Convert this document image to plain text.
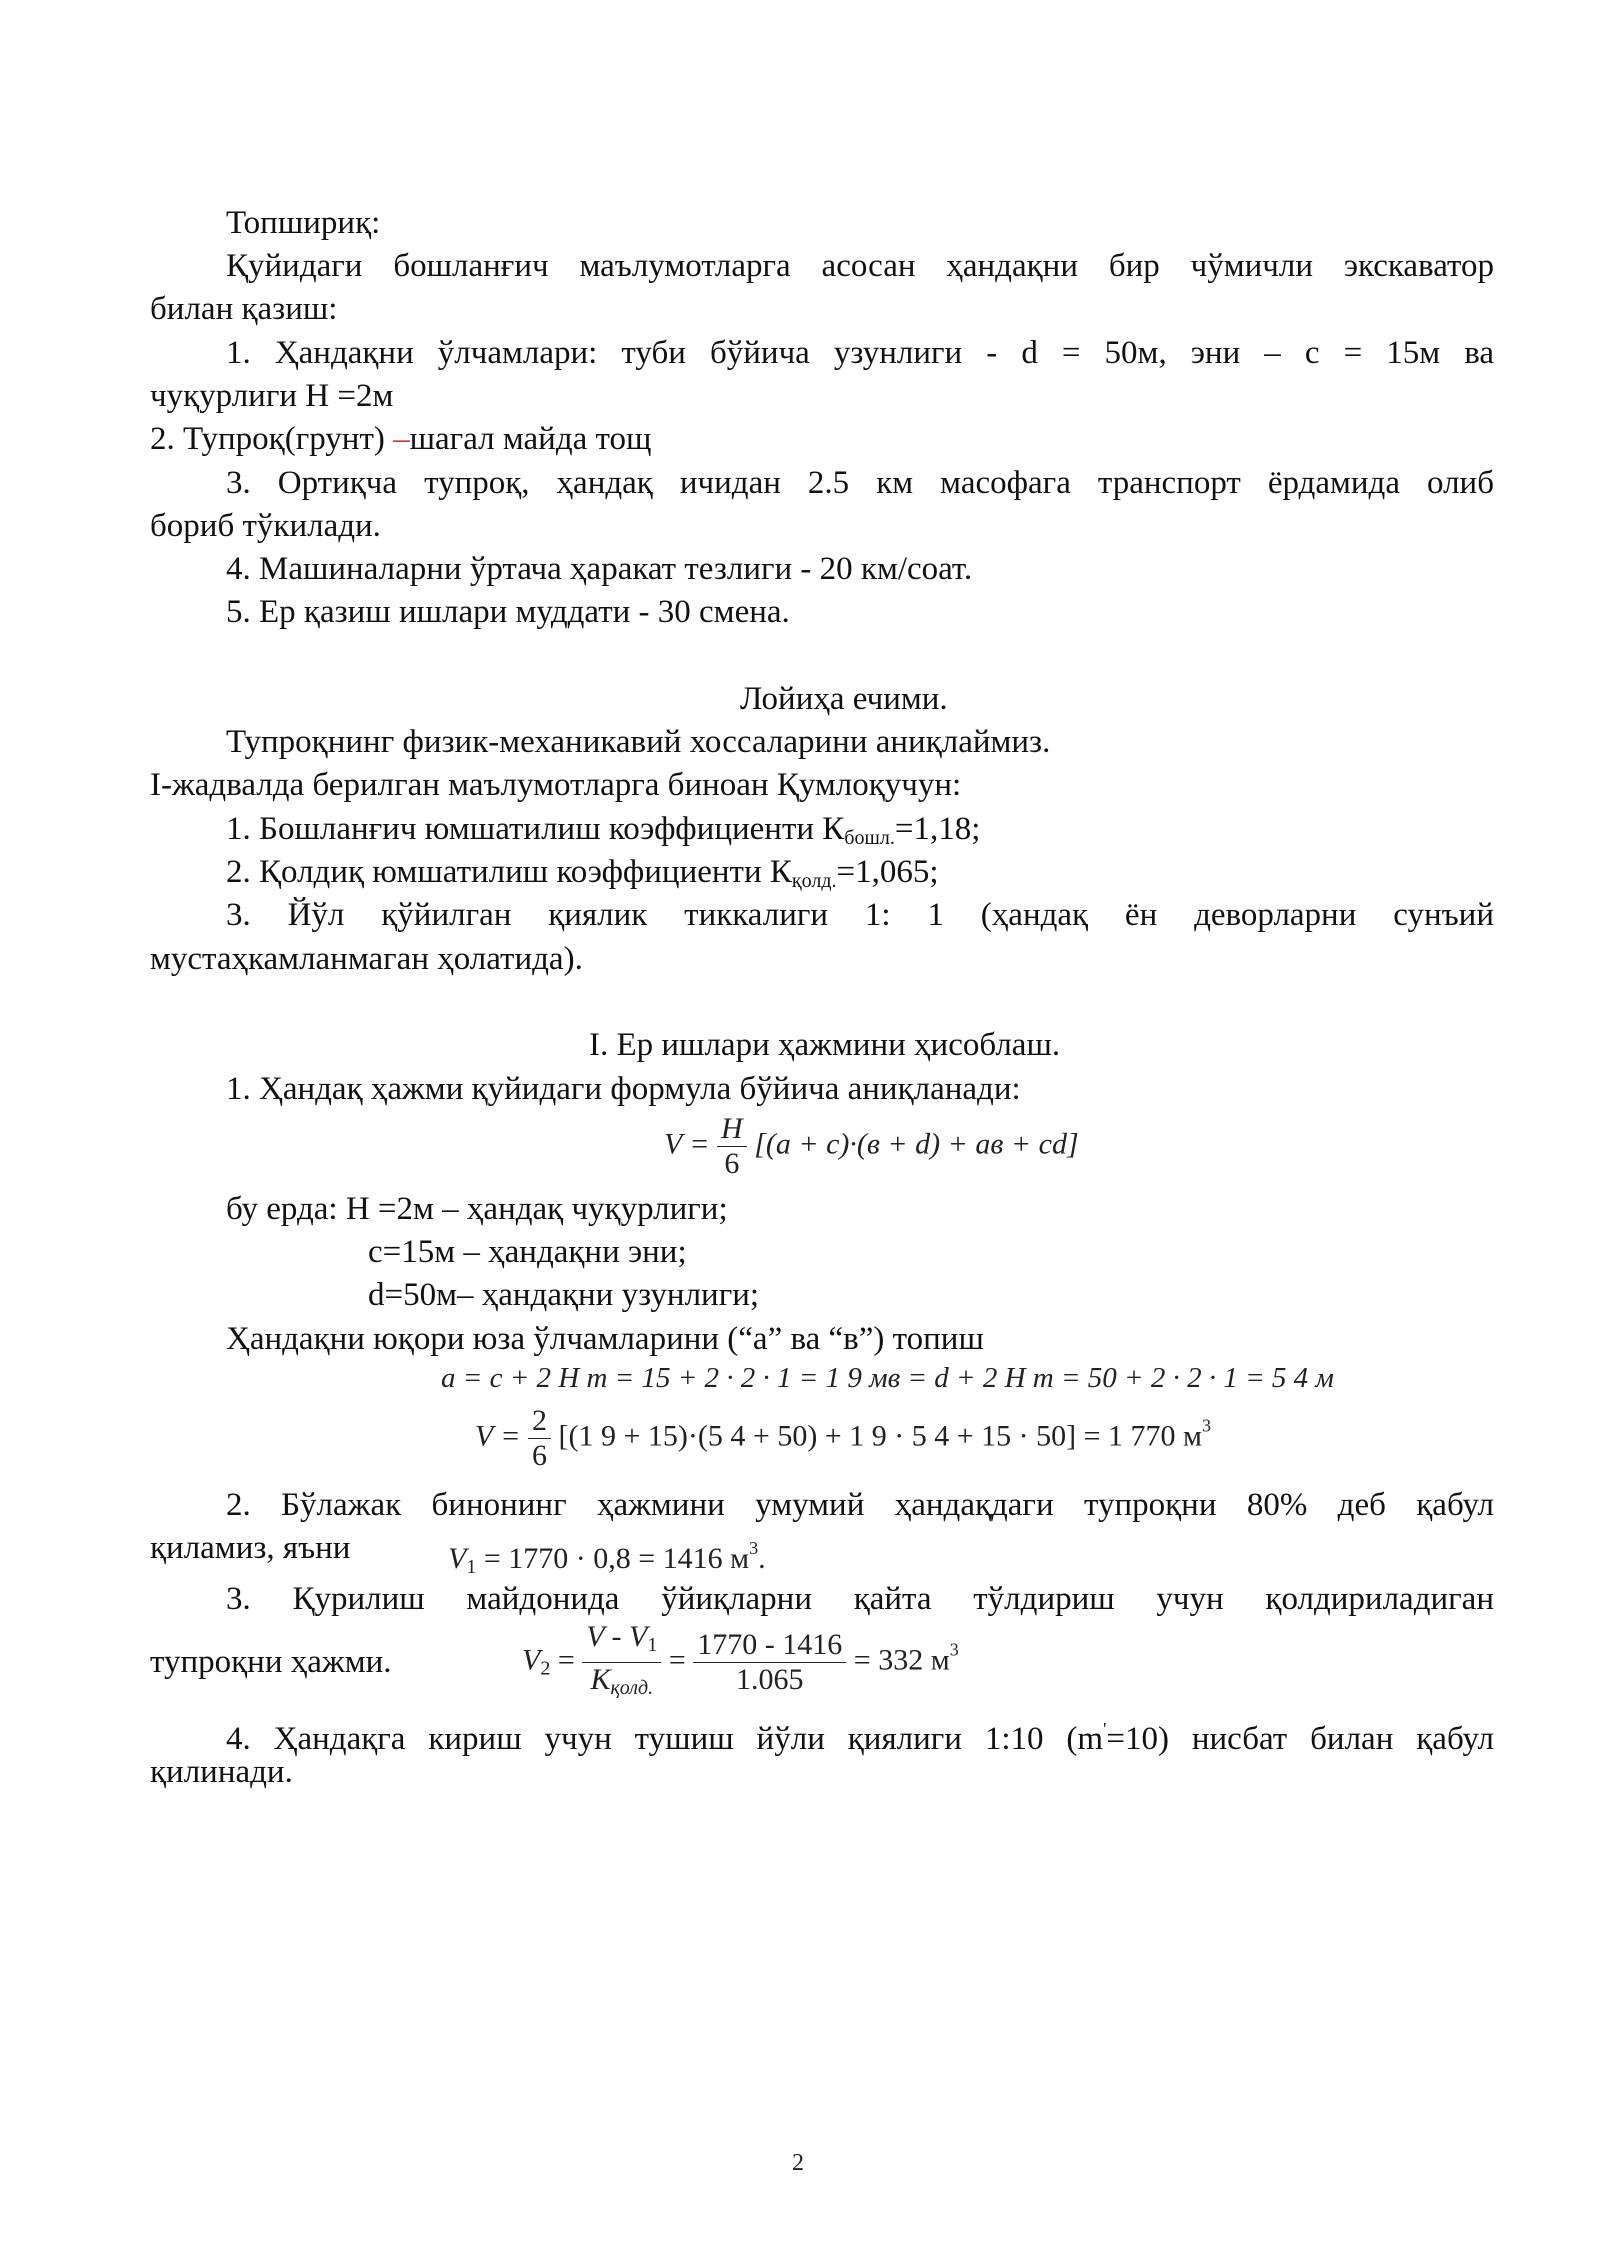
Топшириқ:
Қуйидаги бошланғич маълумотларга асосан ҳандақни бир чўмичли экскаватор
билан қазиш:
1. Ҳандақни ўлчамлари: туби бўйича узунлиги - d = 50м, эни – c = 15м ва
чуқурлиги H =2м
2. Тупроқ(грунт) –шагал майда тощ
3. Ортиқча тупроқ, ҳандақ ичидан 2.5 км масофага транспорт ёрдамида олиб
бориб тўкилади.
4. Машиналарни ўртача ҳаракат тезлиги - 20 км/соат.
5. Ер қазиш ишлари муддати - 30 смена.
Лойиҳа ечими.
Тупроқнинг физик-механикавий хоссаларини аниқлаймиз.
I-жадвалда берилган маълумотларга биноан Қумлоқучун:
1. Бошланғич юмшатилиш коэффициенти $К_{бошл.}=1,18$;
2. Қолдиқ юмшатилиш коэффициенти $К_{қолд.}=1,065$;
3. Йўл қўйилган қиялик тиккалиги 1: 1 (ҳандақ ён деворларни сунъий
мустаҳкамланмаган ҳолатида).
I. Ер ишлари ҳажмини ҳисоблаш.
1. Ҳандақ ҳажми қуйидаги формула бўйича аниқланади:
$V = \frac{H}{6} [(a + c)\cdot(в + d)$ + aв + cd]
бу ерда: H =2м – ҳандақ чуқурлиги;
c=15м – ҳандақни эни;
d=50м– ҳандақни узунлиги;
Ҳандақни юқори юза ўлчамларини (“а” ва “в”) топиш
a = c + 2 H m = 15 + 2 · 2 · 1 = 1 9 мв = d + 2 H m = 50 + 2 · 2 · 1 = 5 4 м
$V = \frac{2}{6} [(1$ 9 + 15)·(5 4 + 50) + 1 9 · 5 4 + 15 · 50] = 1 770 $м^3$
2. Бўлажак бинонинг ҳажмини умумий ҳандақдаги тупроқни 80% деб қабул
қиламиз, яъни	$V_1 = 1770 \cdot 0,8 = 1416$ $м^3$.
3. Қурилиш майдонида ўйиқларни қайта тўлдириш учун қолдириладиган
тупроқни ҳажми.	$V_2 = \frac{V - V_1}{K_{қолд.}} = \frac{1770 - 1416}{1.065} = 332$ $м^3$
4. Ҳандақга кириш учун тушиш йўли қиялиги 1:10 (m'=10) нисбат билан қабул
қилинади.
2
